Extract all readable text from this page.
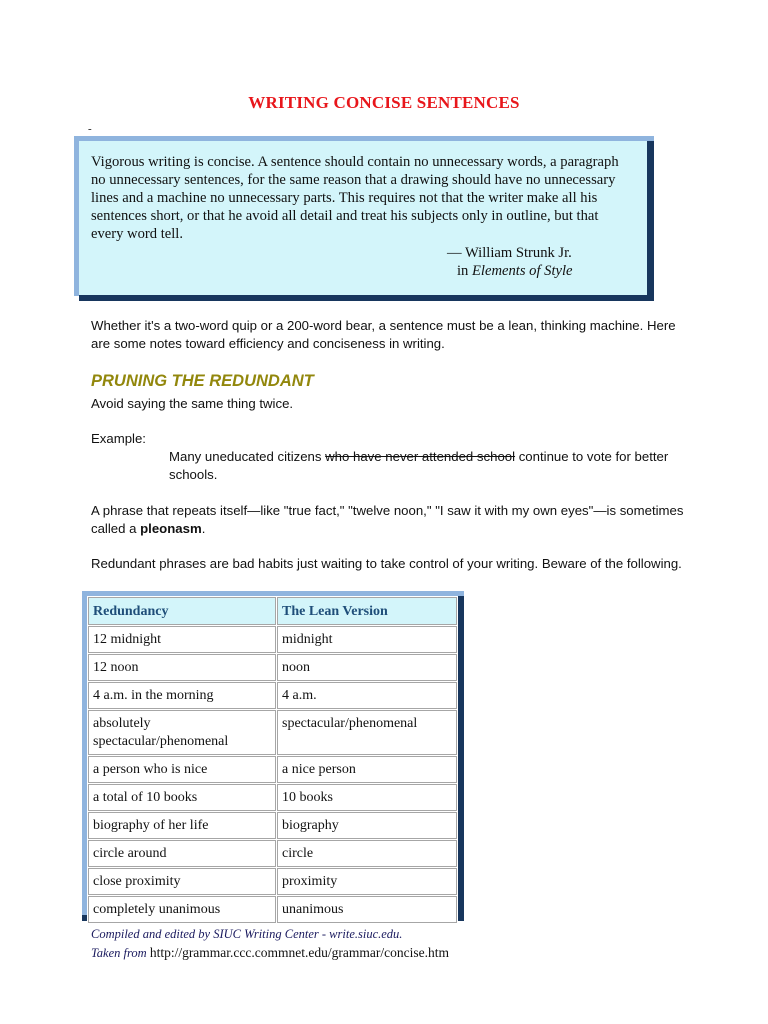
WRITING CONCISE SENTENCES
-
Vigorous writing is concise. A sentence should contain no unnecessary words, a paragraph no unnecessary sentences, for the same reason that a drawing should have no unnecessary lines and a machine no unnecessary parts. This requires not that the writer make all his sentences short, or that he avoid all detail and treat his subjects only in outline, but that every word tell.
— William Strunk Jr.
in Elements of Style
Whether it's a two-word quip or a 200-word bear, a sentence must be a lean, thinking machine. Here are some notes toward efficiency and conciseness in writing.
PRUNING THE REDUNDANT
Avoid saying the same thing twice.
Example:
Many uneducated citizens who have never attended school continue to vote for better schools.
A phrase that repeats itself—like "true fact," "twelve noon," "I saw it with my own eyes"—is sometimes called a pleonasm.
Redundant phrases are bad habits just waiting to take control of your writing. Beware of the following.
Redundancy	The Lean Version
12 midnight	midnight
12 noon	noon
4 a.m. in the morning	4 a.m.
absolutely spectacular/phenomenal	spectacular/phenomenal
a person who is nice	a nice person
a total of 10 books	10 books
biography of her life	biography
circle around	circle
close proximity	proximity
completely unanimous	unanimous
Compiled and edited by SIUC Writing Center - write.siuc.edu.
Taken from http://grammar.ccc.commnet.edu/grammar/concise.htm
